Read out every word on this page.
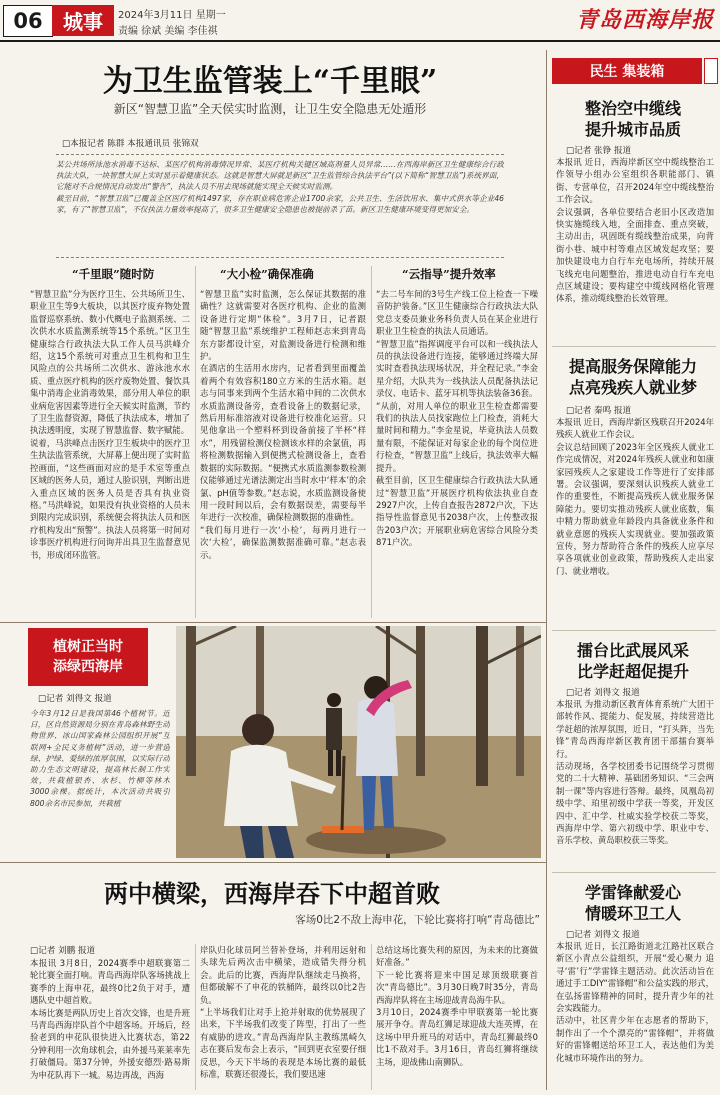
06 城事 2024年3月11日 星期一
责编 徐斌 美编 李佳祺	青岛西海岸报
为卫生监管装上“千里眼”
新区“智慧卫监”全天侯实时监测，让卫生安全隐患无处遁形
□本报记者 陈群 本报通讯员 张锦双

某公共场所泳池水消毒不达标、某医疗机构消毒情况异常、某医疗机构关键区域高剂量人员异常……在西海岸新区卫生健康综合行政执法大队，一块智慧大屏上实时显示着健康状态。这就是智慧大屏就是新区“卫生监管综合执法平台”(以下简称“智慧卫监”)系统界面，它能对不合规情况自动发出“警告”，执法人员不用去现场就能实现全天候实时监测。
截至目前，“智慧卫监”已覆盖全区医疗机构1497家，存在职业病危害企业1700余家，公共卫生、生活饮用水、集中式供水等企业46家，有了“智慧卫监”，不仅执法力量效率提高了，很多卫生健康安全隐患也被提前杀了苗。新区卫生健康环境变得更加安全。

“千里眼”随时防	“大小检”确保准确	“云指导”提升效率

“智慧卫监”分为医疗卫生、公共场所卫生、职业卫生等9大板块，以其医疗废弃物处置监督巡察系统、数小代概电子监测系统、二次供水水质监测系统等15个系统。”区卫生健康综合行政执法大队工作人员马洪峰介绍，这15个系统可对重点卫生机构和卫生风险点的公共场所二次供水、游泳池水水质、重点医疗机构的医疗废物处置、餐饮具集中消毒企业消毒效果，部分用人单位的职业病危害因素等进行全天候实时监测，节约了卫生监督资源，降低了执法成本，增加了执法透明度，实现了智慧监督、数字赋能。
说着，马洪峰点击医疗卫生板块中的医疗卫生执法监管系统，大屏幕上便出现了实时监控画面，“这些画面对应的是手术室等重点区域的医务人员，通过人脸识别，判断出进入重点区域的医务人员是否具有执业资格。”马洪峰说，如果没有执业资格的人员未到限内完成识别，系统便会将执法人员和医疗机构发出“预警”。执法人员将第一时间对诊事医疗机构进行问询并出具卫生监督意见书，形成闭环监管。

“智慧卫监”实时监测，怎么保证其数据的准确性？这就需要对各医疗机构、企业的监测设备进行定期“体检”。3月7日，记者跟随“智慧卫监”系统维护工程师赵志来到青岛东方影都设计室，对监测设备进行检测和维护。
在酒店的生活用水房内，记者看到里面覆盖着两个有效容积180立方米的生活水箱。赵志与同事来到两个生活水箱中间的二次供水水质监测设备旁，查看设备上的数据记录，然后用标准溶液对设备进行校准化运营。只见他拿出一个塑料杯到设备前接了半杯“样水”，用残留检测仪检测该水样的余氯值，再将检测数据输入到便携式检测设备上，查看数据的实际数据。“便携式水质监测参数检测仪能够通过光谱法测定出当时水中‘样本’的余氯、pH值等参数。”赵志说，水质监测设备使用一段时间以后，会有数据误差，需要每半年进行一次校准，确保检测数据的准确性。
“我们每月进行一次‘小检’，每两月进行一次‘大检’，确保监测数据准确可靠。”赵志表示。

“去二号车间的3号生产线工位上检查一下噪音防护装备。”区卫生健康综合行政执法大队党总支委员兼业务科负责人员在某企业进行职业卫生检查的执法人员通话。
“智慧卫监”指挥调度平台可以和一线执法人员的执法设备进行连接，能够通过终端大屏实时查看执法现场状况，并全程记录。”李金星介绍，大队共为一线执法人员配备执法记录仪、电话卡、蓝牙耳机等执法装备36套。
“从前，对用人单位的职业卫生检查都需要我们的执法人员找家跑位上门检查，消耗大量时间和精力。”李金星说，毕竟执法人员数量有限，不能保证对每家企业的每个岗位进行检查，“智慧卫监”上线后，执法效率大幅提升。
截至目前，区卫生健康综合行政执法大队通过“智慧卫监”开展医疗机构依法执业自查2927户次，上传自查报告2872户次，下达指导性监督意见书2038户次，上传整改报告203户次；开展职业病危害综合风险分类871户次。

植树正当时
添绿西海岸
□记者 刘得文 报道

今年3月12日是我国第46个植树节。近日，区自然资源局分别在青岛森林野生动物世界、冰山国家森林公园组织开展“互联网+全民义务植树”活动，进一步营造绿、护绿、爱绿的浓厚氛围，以实际行动助力生态文明建设，提高林长制工作实效，共栽植银杏、水杉、竹柳等林木3000余棵。据统计，本次活动共吸引800余名市民参加，共栽植

两中横梁，西海岸吞下中超首败
客场0比2不敌上海申花，下轮比赛将打响“青岛德比”
□记者 刘鹏 报道

本报讯 3月8日，2024赛季中超联赛第二轮比赛全面打响。青岛西海岸队客场挑战上赛季的上海申花，最终0比2负于对手，遭遇队史中超首败。
本场比赛是两队历史上首次交锋，也是升班马青岛西海岸队首个中超客场。开场后，经验老到的申花队很快进入比赛状态，第22分钟利用一次角球机会，由外援马莱莱率先打破僵局。第37分钟，外援安德烈·路易斯为申花队再下一城。易边再战，西海

岸队归化球员阿兰替补登场，并利用远射和头球先后两次击中横梁，造成错失得分机会。此后的比赛，西海岸队继续走马换将，但都破解不了申花的铁桶阵，最终以0比2告负。
“上半场我们让对手上抢并射取的优势展现了出来，下半场我们改变了阵型，打出了一些有威胁的进攻。”青岛西海岸队主教练黑崎久志在赛后发布会上表示，“回到更衣室要仔细反思，今天下半场的表现是本场比赛的最低标准，联赛还很漫长，我们要迅速

总结这场比赛失利的原因，为未来的比赛做好准备。”
下一轮比赛将迎来中国足球顶级联赛首次“青岛德比”。3月30日晚7时35分，青岛西海岸队将在主场迎战青岛海牛队。
3月10日，2024赛季中甲联赛第一轮比赛展开争夺。青岛红狮足球迎战大连英博，在这场中甲升班马的对话中，青岛红狮最终0比1不敌对手。3月16日，青岛红狮将继续主场，迎战佛山南狮队。

民生 集装箱

整治空中缆线

提升城市品质

□记者 张铮 报道

本报讯 近日，西海岸新区空中缆线整治工作领导小组办公室组织各职能部门、镇街、专营单位，召开2024年空中缆线整治工作会议。
会议强调，各单位要结合老旧小区改造加快实施缆线入地，全面排查、重点突破，主动出击，巩固既有缆线整治成果，向背街小巷、城中村等难点区域发起攻坚；要加快建设电力自行车充电场所，持续开展飞线充电问题整治，推进电动自行车充电点区域建设；要构建空中缆线网格化管理体系，推动缆线整治长效管理。

提高服务保障能力

点亮残疾人就业梦

□记者 秦鸣 报道

本报讯 近日，西海岸新区残联召开2024年残疾人就业工作会议。
会议总结回顾了2023年全区残疾人就业工作完成情况，对2024年残疾人就业和如康家园残疾人之家建设工作等进行了安排部署。会议强调，要深刻认识残疾人就业工作的重要性，不断提高残疾人就业服务保障能力。要切实推动残疾人就业底数，集中精力帮助就业年龄段内具备就业条件和就业意愿的残疾人实现就业。要加强政策宣传，努力帮助符合条件的残疾人应享尽享各项就业创业政策，帮助残疾人走出家门、就业增收。

擂台比武展风采

比学赶超促提升

□记者 刘得文 报道

本报讯 为推动新区教育体育系统广大团干部转作风、提能力、促发展，持续营造比学赶超的浓厚氛围，近日，“打头阵，当先锋”青岛西海岸新区教育团干部擂台赛举行。
活动现场，各学校团委书记围绕学习贯彻党的二十大精神、基础团务知识、“三会两制一课”等内容进行答辩。最终，凤凰岛初级中学、珀里初级中学获一等奖，开发区四中、汇中学、杜威实验学校获二等奖，西海岸中学、第六初级中学、职业中专、音乐学校、黄岛职校获三等奖。

学雷锋献爱心

情暖环卫工人

□记者 刘得文 报道

本报讯 近日，长江路街道北江路社区联合新区小青点公益组织，开展“爱心聚力 追寻‘雷’行”学雷锋主题活动。此次活动旨在通过手工DIY“雷锋帽”和公益实践的形式，在弘扬雷锋精神的同时，提升青少年的社会实践能力。
活动中，社区青少年在志愿者的帮助下，制作出了一个个漂亮的“雷锋帽”，并将做好的雷锋帽送给环卫工人，表达他们为美化城市环境作出的努力。
